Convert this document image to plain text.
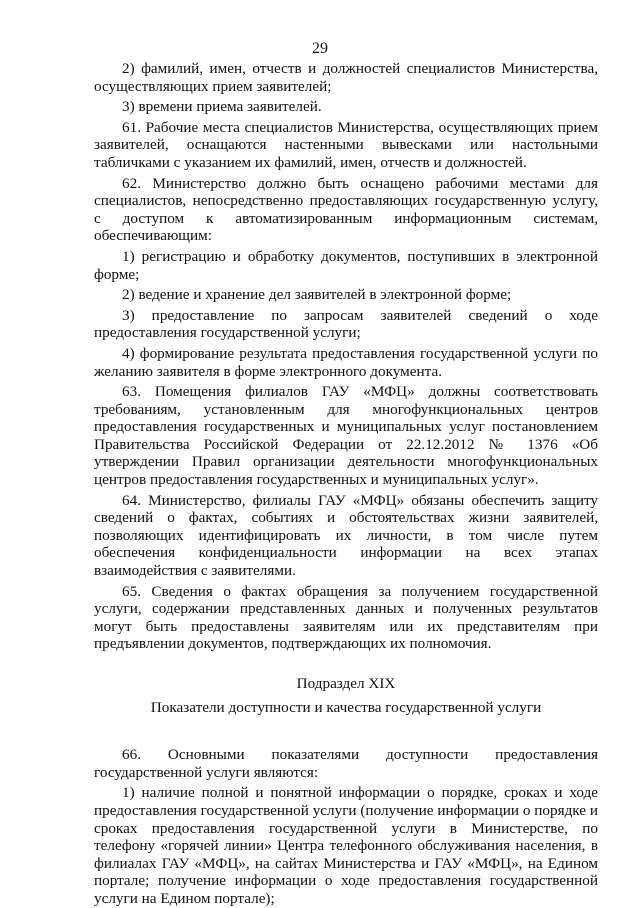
29

2) фамилий, имен, отчеств и должностей специалистов Министерства, осуществляющих прием заявителей;

3) времени приема заявителей.

61. Рабочие места специалистов Министерства, осуществляющих прием заявителей, оснащаются настенными вывесками или настольными табличками с указанием их фамилий, имен, отчеств и должностей.

62. Министерство должно быть оснащено рабочими местами для специалистов, непосредственно предоставляющих государственную услугу, с доступом к автоматизированным информационным системам, обеспечивающим:

1) регистрацию и обработку документов, поступивших в электронной форме;

2) ведение и хранение дел заявителей в электронной форме;

3) предоставление по запросам заявителей сведений о ходе предоставления государственной услуги;

4) формирование результата предоставления государственной услуги по желанию заявителя в форме электронного документа.

63. Помещения филиалов ГАУ «МФЦ» должны соответствовать требованиям, установленным для многофункциональных центров предоставления государственных и муниципальных услуг постановлением Правительства Российской Федерации от 22.12.2012 № 1376 «Об утверждении Правил организации деятельности многофункциональных центров предоставления государственных и муниципальных услуг».

64. Министерство, филиалы ГАУ «МФЦ» обязаны обеспечить защиту сведений о фактах, событиях и обстоятельствах жизни заявителей, позволяющих идентифицировать их личности, в том числе путем обеспечения конфиденциальности информации на всех этапах взаимодействия с заявителями.

65. Сведения о фактах обращения за получением государственной услуги, содержании представленных данных и полученных результатов могут быть предоставлены заявителям или их представителям при предъявлении документов, подтверждающих их полномочия.

Подраздел XIX

Показатели доступности и качества государственной услуги

66. Основными показателями доступности предоставления государственной услуги являются:

1) наличие полной и понятной информации о порядке, сроках и ходе предоставления государственной услуги (получение информации о порядке и сроках предоставления государственной услуги в Министерстве, по телефону «горячей линии» Центра телефонного обслуживания населения, в филиалах ГАУ «МФЦ», на сайтах Министерства и ГАУ «МФЦ», на Едином портале; получение информации о ходе предоставления государственной услуги на Едином портале);
